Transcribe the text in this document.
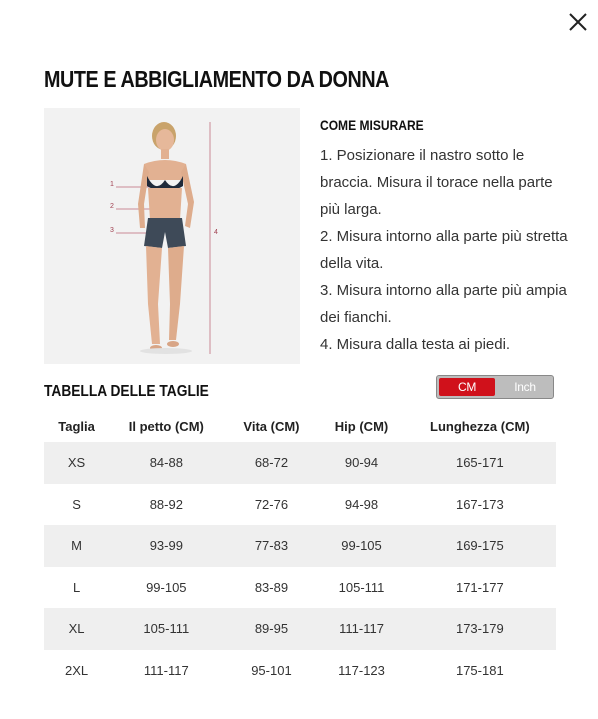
MUTE E ABBIGLIAMENTO DA DONNA
1
2
3	4
COME MISURARE
1. Posizionare il nastro sotto le braccia. Misura il torace nella parte più larga.
2. Misura intorno alla parte più stretta della vita.
3. Misura intorno alla parte più ampia dei fianchi.
4. Misura dalla testa ai piedi.
TABELLA DELLE TAGLIE	CM	Inch
Taglia	Il petto (CM)	Vita (CM)	Hip (CM)	Lunghezza (CM)
XS	84-88	68-72	90-94	165-171
S	88-92	72-76	94-98	167-173
M	93-99	77-83	99-105	169-175
L	99-105	83-89	105-111	171-177
XL	105-111	89-95	111-117	173-179
2XL	111-117	95-101	117-123	175-181
